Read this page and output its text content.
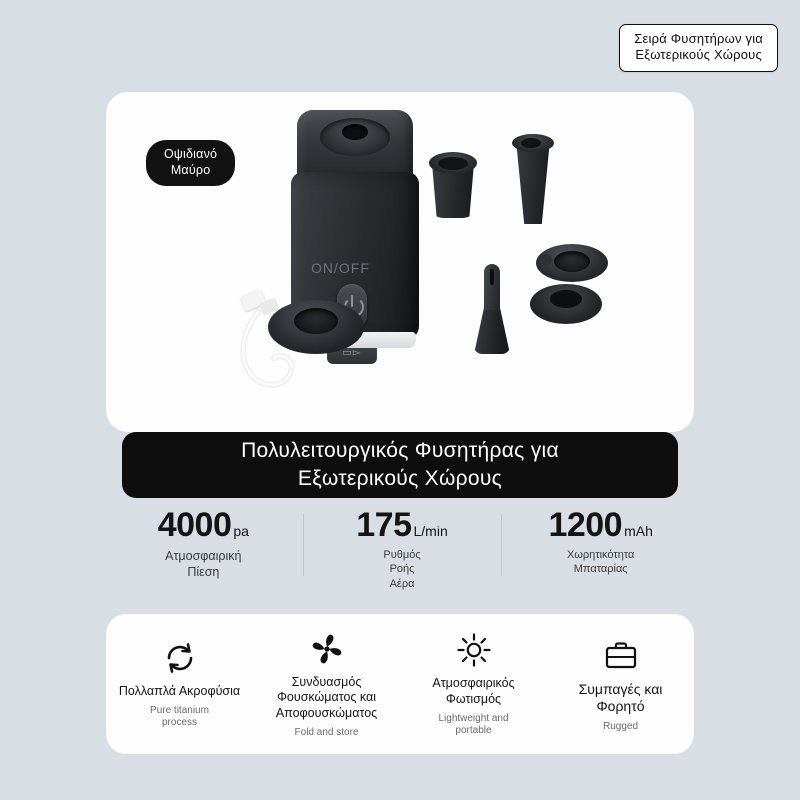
Σειρά Φυσητήρων για
Εξωτερικούς Χώρους
Οψιδιανό
Μαύρο
ON/OFF
▭▻
Πολυλειτουργικός Φυσητήρας για
Εξωτερικούς Χώρους
4000 pa
Ατμοσφαιρική
Πίεση
175 L/min
Ρυθμός
Ροής
Αέρα
1200 mAh
Χωρητικότητα
Μπαταρίας
Πολλαπλά Ακροφύσια
Pure titanium
process
Συνδυασμός
Φουσκώματος και
Αποφουσκώματος
Fold and store
Ατμοσφαιρικός
Φωτισμός
Lightweight and
portable
Συμπαγές και
Φορητό
Rugged
